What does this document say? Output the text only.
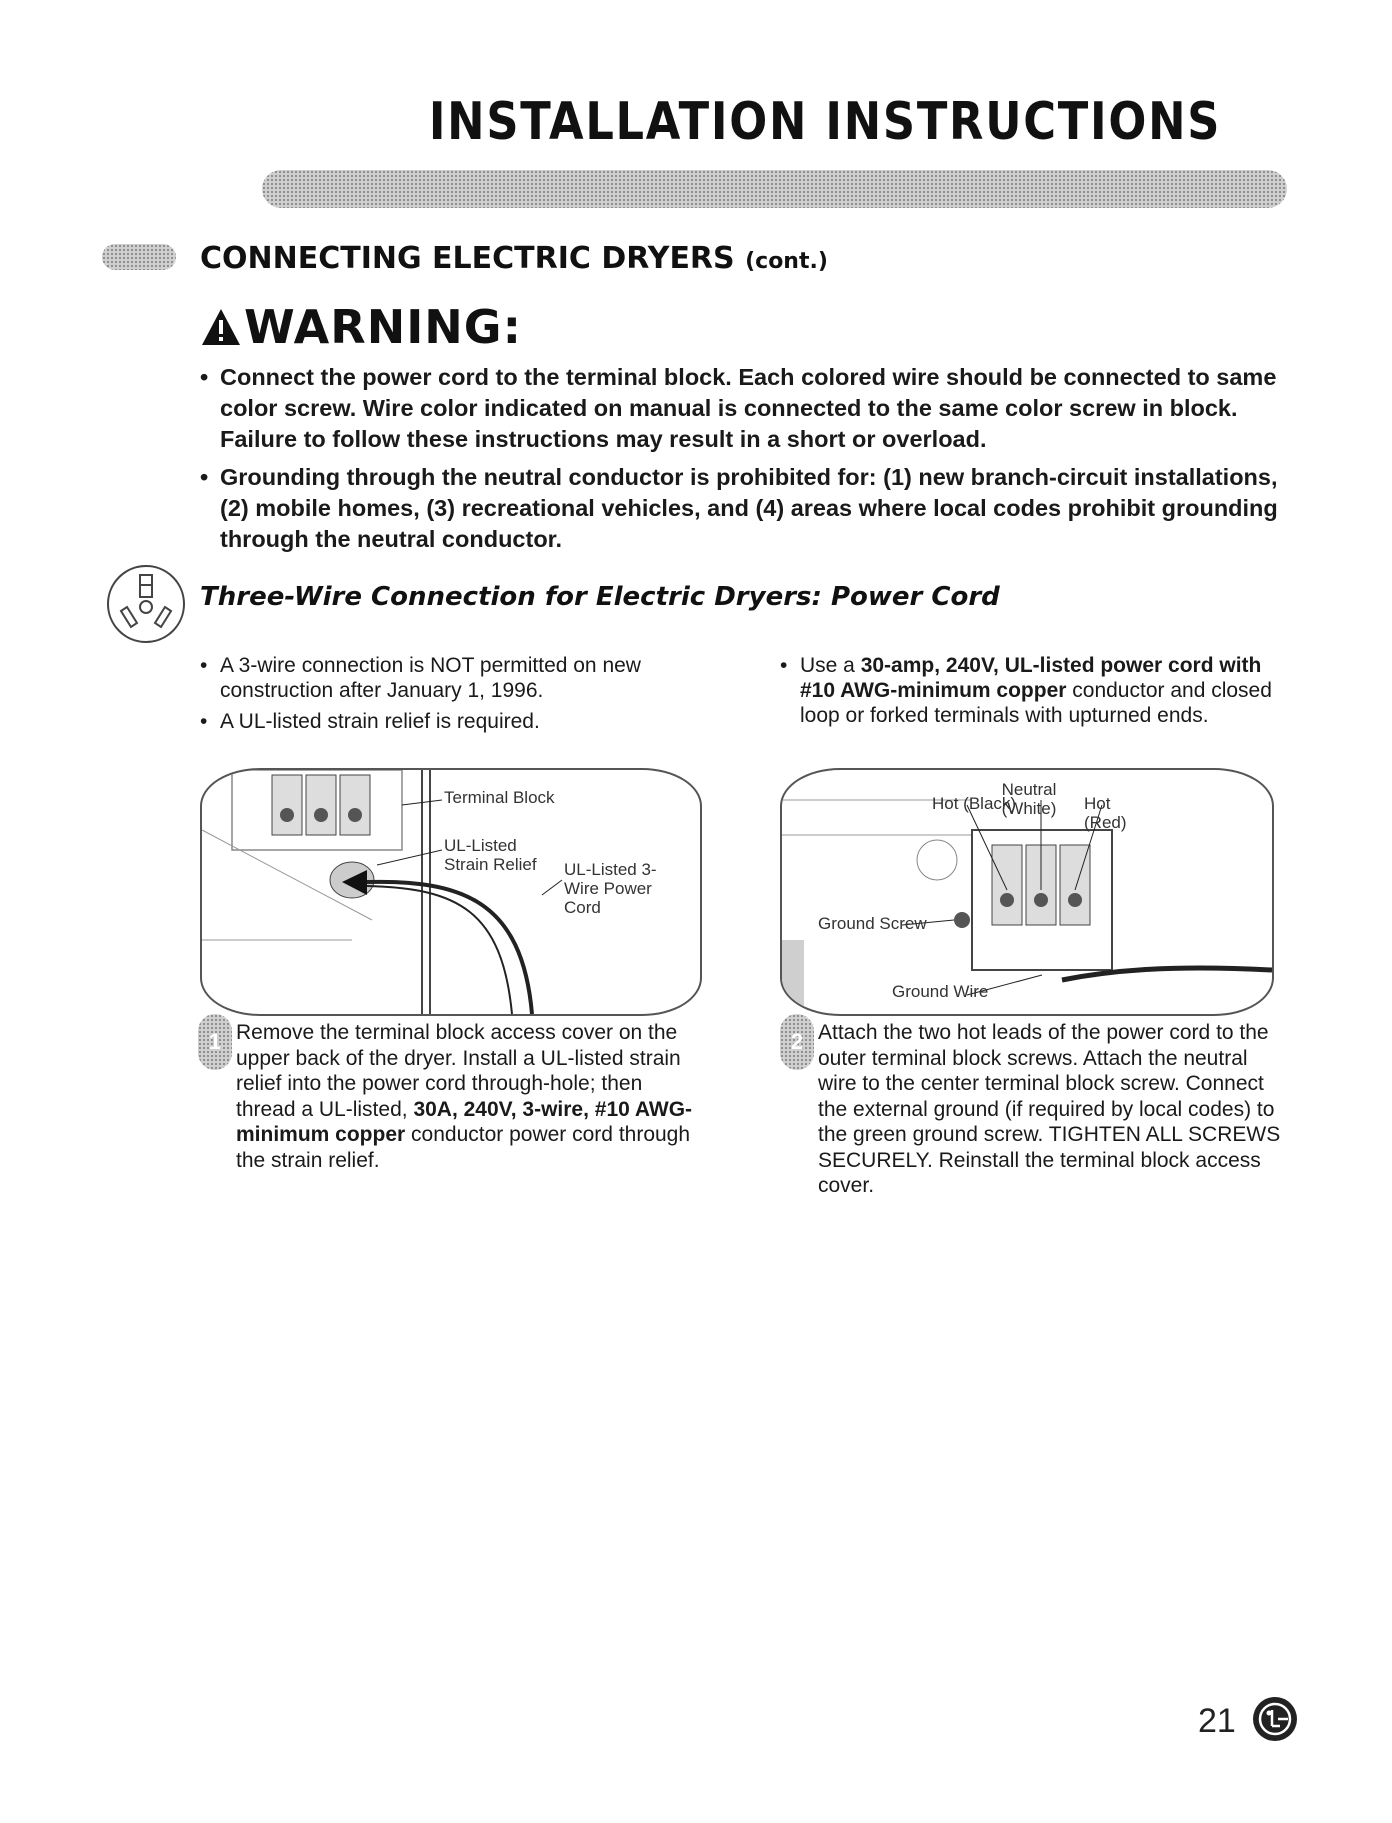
INSTALLATION INSTRUCTIONS
CONNECTING ELECTRIC DRYERS (cont.)
WARNING:
• Connect the power cord to the terminal block. Each colored wire should be connected to same color screw. Wire color indicated on manual is connected to the same color screw in block. Failure to follow these instructions may result in a short or overload.
• Grounding through the neutral conductor is prohibited for: (1) new branch-circuit installations, (2) mobile homes, (3) recreational vehicles, and (4) areas where local codes prohibit grounding through the neutral conductor.
Three-Wire Connection for Electric Dryers: Power Cord
• A 3-wire connection is NOT permitted on new construction after January 1, 1996.
• A UL-listed strain relief is required.
• Use a 30-amp, 240V, UL-listed power cord with #10 AWG-minimum copper conductor and closed loop or forked terminals with upturned ends.
Terminal Block
UL-Listed Strain Relief	UL-Listed 3-Wire Power Cord
Hot (Black)
Neutral (White)	Hot (Red)
Ground Screw
Ground Wire
1 Remove the terminal block access cover on the upper back of the dryer. Install a UL-listed strain relief into the power cord through-hole; then thread a UL-listed, 30A, 240V, 3-wire, #10 AWG-minimum copper conductor power cord through the strain relief.
2 Attach the two hot leads of the power cord to the outer terminal block screws. Attach the neutral wire to the center terminal block screw. Connect the external ground (if required by local codes) to the green ground screw. TIGHTEN ALL SCREWS SECURELY. Reinstall the terminal block access cover.
21
